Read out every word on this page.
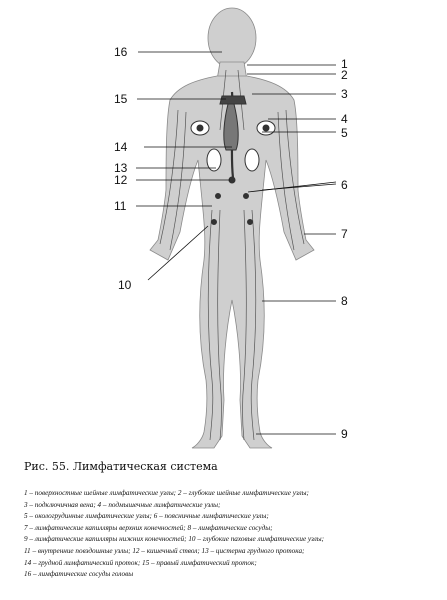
16
1
2
15	3
4
5
14
13
12	6
11
7
10
8
9
Рис. 55. Лимфатическая система
1 – поверхностные шейные лимфатические узлы; 2 – глубокие шейные лимфатические узлы;
3 – подключичная вена; 4 – подмышечные лимфатические узлы;
5 – окологрудинные лимфатические узлы; 6 – поясничные лимфатические узлы;
7 – лимфатические капилляры верхних конечностей; 8 – лимфатические сосуды;
9 – лимфатические капилляры нижних конечностей; 10 – глубокие паховые лимфатические узлы;
11 – внутренние повздошные узлы; 12 – кишечный ствол; 13 – цистерна грудного протока;
14 – грудной лимфатический проток; 15 – правый лимфатический проток;
16 – лимфатические сосуды головы
